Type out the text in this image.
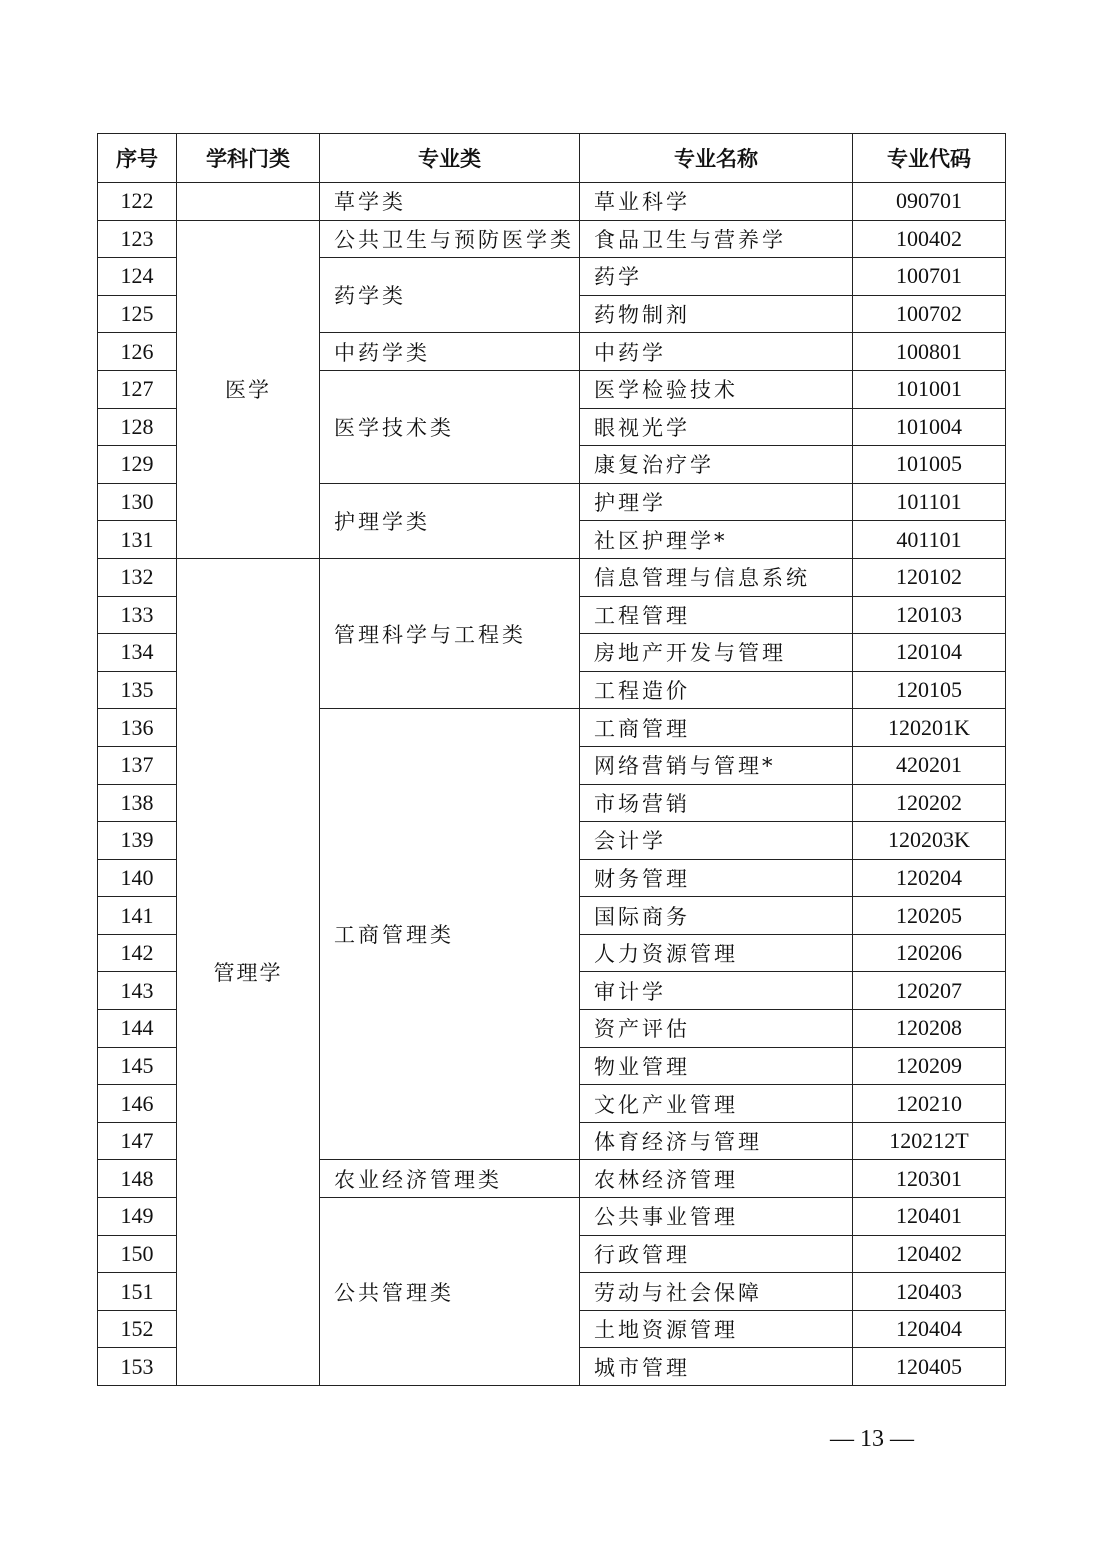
序号	学科门类	专业类	专业名称	专业代码
122		草学类	草业科学	090701
123	医学	公共卫生与预防医学类	食品卫生与营养学	100402
124		药学类	药学	100701
125			药物制剂	100702
126		中药学类	中药学	100801
127		医学技术类	医学检验技术	101001
128			眼视光学	101004
129			康复治疗学	101005
130		护理学类	护理学	101101
131			社区护理学*	401101
132	管理学	管理科学与工程类	信息管理与信息系统	120102
133			工程管理	120103
134			房地产开发与管理	120104
135			工程造价	120105
136		工商管理类	工商管理	120201K
137			网络营销与管理*	420201
138			市场营销	120202
139			会计学	120203K
140			财务管理	120204
141			国际商务	120205
142			人力资源管理	120206
143			审计学	120207
144			资产评估	120208
145			物业管理	120209
146			文化产业管理	120210
147			体育经济与管理	120212T
148		农业经济管理类	农林经济管理	120301
149		公共管理类	公共事业管理	120401
150			行政管理	120402
151			劳动与社会保障	120403
152			土地资源管理	120404
153			城市管理	120405
— 13 —
